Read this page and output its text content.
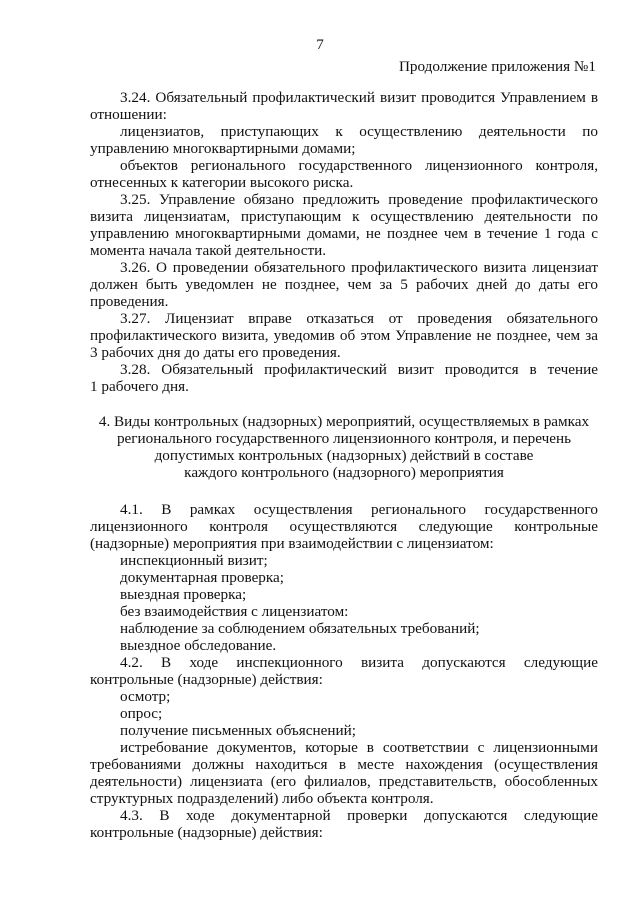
7
Продолжение приложения №1

3.24. Обязательный профилактический визит проводится Управлением в

отношении:

лицензиатов, приступающих к осуществлению деятельности по

управлению многоквартирными домами;

объектов регионального государственного лицензионного контроля,

отнесенных к категории высокого риска.

3.25. Управление обязано предложить проведение профилактического

визита лицензиатам, приступающим к осуществлению деятельности по

управлению многоквартирными домами, не позднее чем в течение 1 года с

момента начала такой деятельности.

3.26. О проведении обязательного профилактического визита лицензиат

должен быть уведомлен не позднее, чем за 5 рабочих дней до даты его

проведения.

3.27. Лицензиат вправе отказаться от проведения обязательного

профилактического визита, уведомив об этом Управление не позднее, чем за

3 рабочих дня до даты его проведения.

3.28. Обязательный профилактический визит проводится в течение

1 рабочего дня.

4. Виды контрольных (надзорных) мероприятий, осуществляемых в рамках

регионального государственного лицензионного контроля, и перечень

допустимых контрольных (надзорных) действий в составе

каждого контрольного (надзорного) мероприятия

4.1. В рамках осуществления регионального государственного

лицензионного контроля осуществляются следующие контрольные

(надзорные) мероприятия при взаимодействии с лицензиатом:

инспекционный визит;

документарная проверка;

выездная проверка;

без взаимодействия с лицензиатом:

наблюдение за соблюдением обязательных требований;

выездное обследование.

4.2. В ходе инспекционного визита допускаются следующие

контрольные (надзорные) действия:

осмотр;

опрос;

получение письменных объяснений;

истребование документов, которые в соответствии с лицензионными

требованиями должны находиться в месте нахождения (осуществления

деятельности) лицензиата (его филиалов, представительств, обособленных

структурных подразделений) либо объекта контроля.

4.3. В ходе документарной проверки допускаются следующие

контрольные (надзорные) действия:
